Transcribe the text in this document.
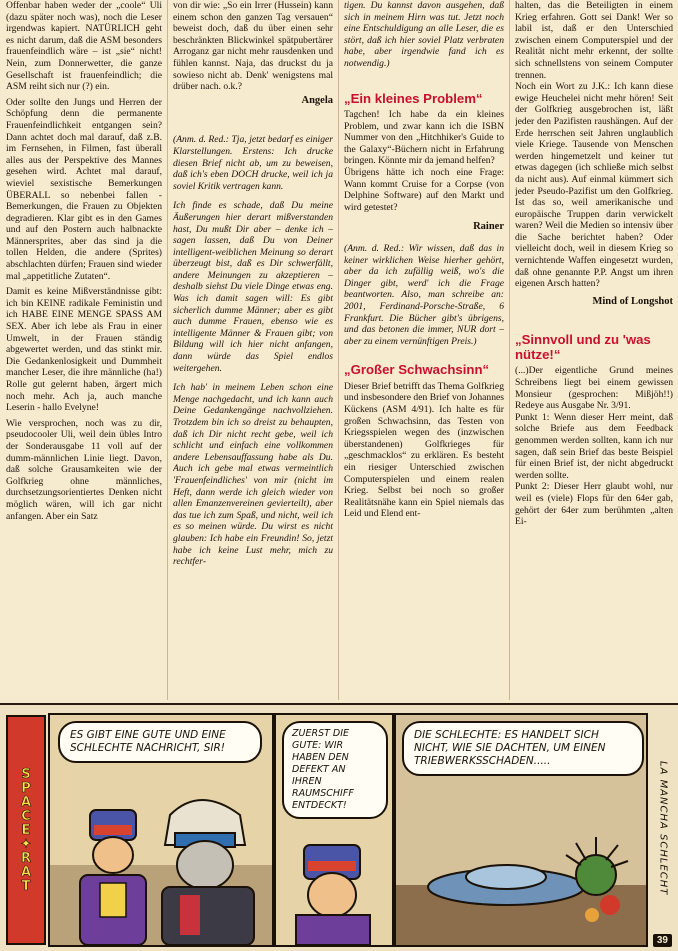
Offenbar haben weder der „coole“ Uli (dazu später noch was), noch die Leser irgendwas kapiert. NATÜRLICH geht es nicht darum, daß die ASM besonders frauenfeindlich wäre – ist „sie“ nicht! Nein, zum Donnerwetter, die ganze Gesellschaft ist frauenfeindlich; die ASM reiht sich nur (?) ein.

Oder sollte den Jungs und Herren der Schöpfung denn die permanente Frauenfeindlichkeit entgangen sein? Dann achtet doch mal darauf, daß z.B. im Fernsehen, in Filmen, fast überall alles aus der Perspektive des Mannes gesehen wird. Achtet mal darauf, wieviel sexistische Bemerkungen ÜBERALL so nebenbei fallen - Bemerkungen, die Frauen zu Objekten degradieren. Klar gibt es in den Games und auf den Postern auch halbnackte Männersprites, aber das sind ja die tollen Helden, die andere (Sprites) abschlachten dürfen; Frauen sind wieder mal „appetitliche Zutaten“.

Damit es keine Mißverständnisse gibt: ich bin KEINE radikale Feministin und ich HABE EINE MENGE SPASS AM SEX. Aber ich lebe als Frau in einer Umwelt, in der Frauen ständig abgewertet werden, und das stinkt mir. Die Gedankenlosigkeit und Dummheit mancher Leser, die ihre männliche (ha!) Rolle gut gelernt haben, ärgert mich noch mehr. Ach ja, auch manche Leserin - hallo Evelyne!

Wie versprochen, noch was zu dir, pseudocooler Uli, weil dein übles Intro der Sonderausgabe 11 voll auf der dumm-männlichen Linie liegt. Davon, daß solche Grausamkeiten wie der Golfkrieg ohne männliches, durchsetzungsorientiertes Denken nicht möglich wären, will ich gar nicht anfangen. Aber ein Satz

von dir wie: „So ein Irrer (Hussein) kann einem schon den ganzen Tag versauen“ beweist doch, daß du über einen sehr beschränkten Blickwinkel spätpubertärer Arroganz gar nicht mehr rausdenken und fühlen kannst. Naja, das druckst du ja sowieso nicht ab. Denk' wenigstens mal drüber nach. o.k.?

Angela

(Anm. d. Red.: Tja, jetzt bedarf es einiger Klarstellungen. Erstens: Ich drucke diesen Brief nicht ab, um zu beweisen, daß ich's eben DOCH drucke, weil ich ja soviel Kritik vertragen kann.

Ich finde es schade, daß Du meine Äußerungen hier derart mißverstanden hast, Du mußt Dir aber – denke ich – sagen lassen, daß Du von Deiner intelligent-weiblichen Meinung so derart überzeugt bist, daß es Dir schwerfällt, andere Meinungen zu akzeptieren – deshalb siehst Du viele Dinge etwas eng. Was ich damit sagen will: Es gibt sicherlich dumme Männer; aber es gibt auch dumme Frauen, ebenso wie es intelligente Männer & Frauen gibt; von Bildung will ich hier nicht anfangen, dann würde das Spiel endlos weitergehen.

Ich hab' in meinem Leben schon eine Menge nachgedacht, und ich kann auch Deine Gedankengänge nachvollziehen. Trotzdem bin ich so dreist zu behaupten, daß ich Dir nicht recht gebe, weil ich schlicht und einfach eine vollkommen andere Lebensauffassung habe als Du. Auch ich gebe mal etwas vermeintlich 'Frauenfeindliches' von mir (nicht im Heft, dann werde ich gleich wieder von allen Emanzenvereinen gevierteilt), aber das tue ich zum Spaß, und nicht, weil ich es so meinen würde. Du wirst es nicht glauben: Ich habe ein Freundin! So, jetzt habe ich keine Lust mehr, mich zu rechtfer-

tigen. Du kannst davon ausgehen, daß sich in meinem Hirn was tut. Jetzt noch eine Entschuldigung an alle Leser, die es stört, daß ich hier soviel Platz verbraten habe, aber irgendwie fand ich es notwendig.)

„Ein kleines Problem“

Tagchen! Ich habe da ein kleines Problem, und zwar kann ich die ISBN Nummer von den „Hitchhiker's Guide to the Galaxy“-Büchern nicht in Erfahrung bringen. Könnte mir da jemand helfen?

Übrigens hätte ich noch eine Frage: Wann kommt Cruise for a Corpse (von Delphine Software) auf den Markt und wird getestet?

Rainer

(Anm. d. Red.: Wir wissen, daß das in keiner wirklichen Weise hierher gehört, aber da ich zufällig weiß, wo's die Dinger gibt, werd' ich die Frage beantworten. Also, man schreibe an: 2001, Ferdinand-Porsche-Straße, 6 Frankfurt. Die Bücher gibt's übrigens, und das betonen die immer, NUR dort – aber zu einem vernünftigen Preis.)

„Großer Schwachsinn“

Dieser Brief betrifft das Thema Golfkrieg und insbesondere den Brief von Johannes Kückens (ASM 4/91). Ich halte es für großen Schwachsinn, das Testen von Kriegsspielen wegen des (inzwischen überstandenen) Golfkrieges für „geschmacklos“ zu erklären. Es besteht ein riesiger Unterschied zwischen Computerspielen und einem realen Krieg. Selbst bei noch so großer Realitätsnähe kann ein Spiel niemals das Leid und Elend ent-

halten, das die Beteiligten in einem Krieg erfahren. Gott sei Dank! Wer so labil ist, daß er den Unterschied zwischen einem Computerspiel und der Realität nicht mehr erkennt, der sollte sich schnellstens von seinem Computer trennen.

Noch ein Wort zu J.K.: Ich kann diese ewige Heuchelei nicht mehr hören! Seit der Golfkrieg ausgebrochen ist, läßt jeder den Pazifisten raushängen. Auf der Erde herrschen seit Jahren unglaublich viele Kriege. Tausende von Menschen werden hingemetzelt und keiner tut etwas dagegen (ich schließe mich selbst da nicht aus). Auf einmal kümmert sich jeder Pseudo-Pazifist um den Golfkrieg. Ist das so, weil amerikanische und europäische Truppen darin verwickelt waren? Weil die Medien so intensiv über die Sache berichtet haben? Oder vielleicht doch, weil in diesem Krieg so vernichtende Waffen eingesetzt wurden, daß ohne genannte P.P. Angst um ihren eigenen Arsch hatten?

Mind of Longshot
„Sinnvoll und zu 'was nütze!“

(...)Der eigentliche Grund meines Schreibens liegt bei einem gewissen Monsieur (gesprochen: Mißjöh!!) Redeye aus Ausgabe Nr. 3/91.

Punkt 1: Wenn dieser Herr meint, daß solche Briefe aus dem Feedback genommen werden sollten, kann ich nur sagen, daß sein Brief das beste Beispiel für einen Brief ist, der nicht abgedruckt werden sollte.

Punkt 2: Dieser Herr glaubt wohl, nur weil es (viele) Flops für den 64er gab, gehört der 64er zum berühmten „alten Ei-

SPACE✦RAT
ES GIBT EINE GUTE UND EINE SCHLECHTE NACHRICHT, SIR!
ZUERST DIE GUTE: WIR HABEN DEN DEFEKT AN IHREN RAUMSCHIFF ENTDECKT!
DIE SCHLECHTE: ES HANDELT SICH NICHT, WIE SIE DACHTEN, UM EINEN TRIEBWERKSSCHADEN.....	LA MANCHA SCHLECHT
39
